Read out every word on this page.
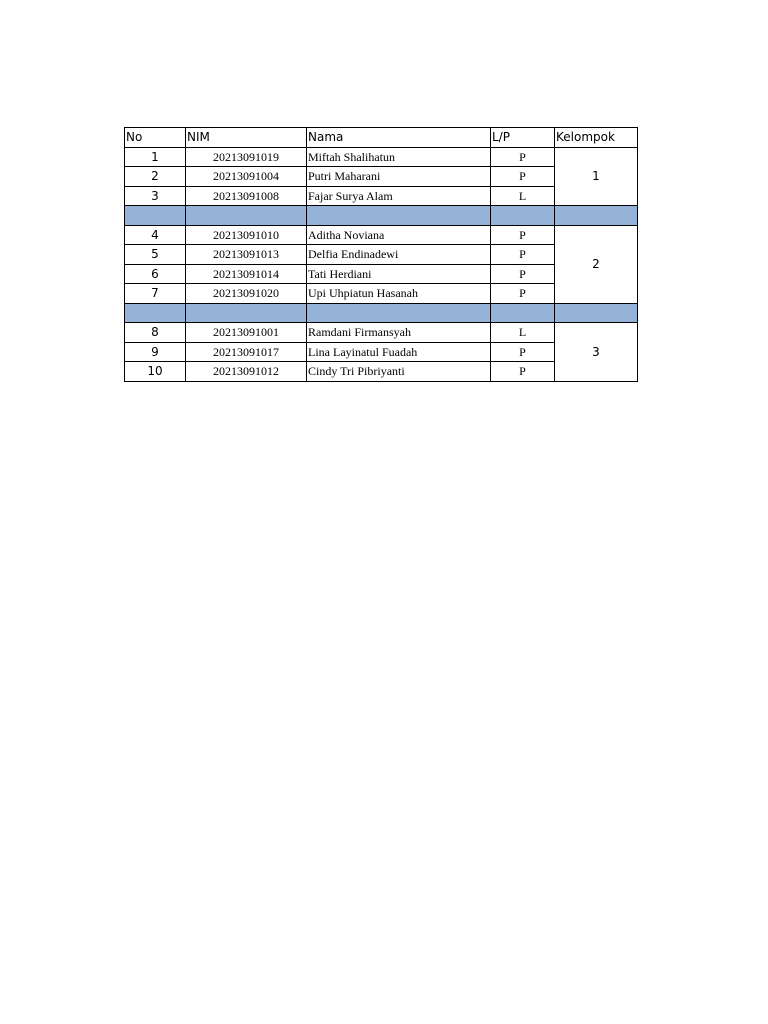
No	NIM	Nama	L/P	Kelompok
1	20213091019	Miftah Shalihatun	P	1
2	20213091004	Putri Maharani	P	
3	20213091008	Fajar Surya Alam	L	

4	20213091010	Aditha Noviana	P	2
5	20213091013	Delfia Endinadewi	P	
6	20213091014	Tati Herdiani	P	
7	20213091020	Upi Uhpiatun Hasanah	P	

8	20213091001	Ramdani Firmansyah	L	3
9	20213091017	Lina Layinatul Fuadah	P	
10	20213091012	Cindy Tri Pibriyanti	P	
